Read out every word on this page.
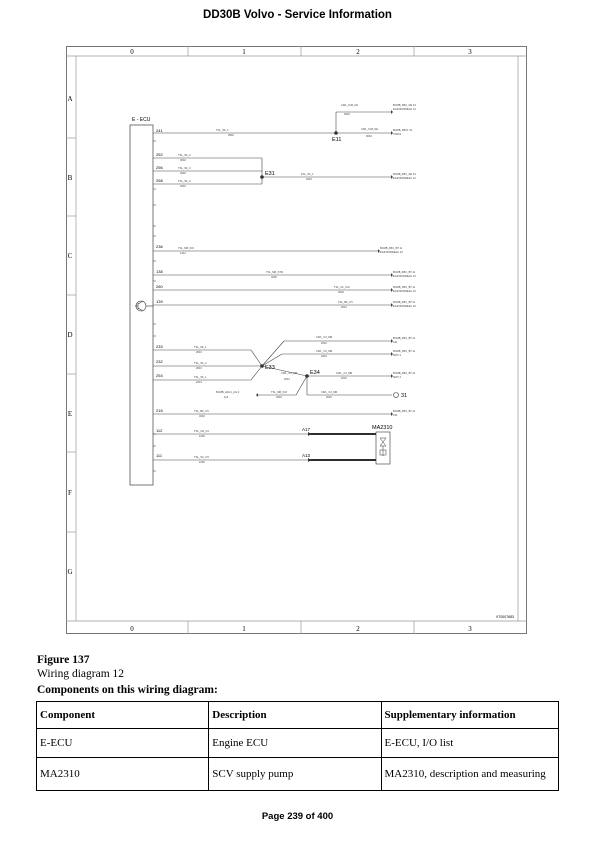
DD30B Volvo - Service Information
0	1	2	3
0	1	2	3
A
B
C
D
E
F
G
E - ECU
241
252
256
258
236
138
260
139
233
232
254
216
112
111
TSL_SK_1
0002
CWL_FLB_CE
0002
CWL_FLB_NE
0002
TSL_SK_2
0002
TSL_SK_3
0002
TSL_SK_3
0202
FSL_SK_1
0202
TSL_MR_KIO
1212
TSL_MR_STR
4006
TSL_CF_CHI
0002
TSL_BK_0.5
2001
TSL_SK_1
2001
TSL_SK_2
2001
TSL_SK_1
2001
CWL_3.0_MR
2016
CWL_3.0_MR
2001
CWL_3.0_MR
2001
CWL_3.0_MR
2016
BCMB_HAC1_AG 0
112
TSL_MR_KIO
2002
CWL_3.0_MR
2002
TSL_BK_0.5
4002
TSL_CR_2.0
1000
TSL_SC_0.5
1002
BCMB_FBC_DE 24
EGR BORREAU 12
BCMB_FBC1 31
7000 E
BCMB_FBC_DE 31
EGR BORREAU 12
BCMB_FBC_BT 11
EGR BORREAU 16
BCMB_FBC_BT 11
EGR BORREAU 16
BCMB_FBC_BT 11
EGR BORREAU 16
BCMB_FBC_BT 11
EGR BORREAU 16
BCMB_FBC_BT 11
A11
BCMB_FBC_BT 11
0007 4
BCMB_FBC_BT 11
0007 4
BCMB_FBC_BT 11
231
E11
E31
E33
E34
31
A17
A13
MA2310
VT0007683
Figure 137
Wiring diagram 12
Components on this wiring diagram:
Component	Description	Supplementary information
E-ECU	Engine ECU	E-ECU, I/O list
MA2310	SCV supply pump	MA2310, description and measuring
Page 239 of 400
